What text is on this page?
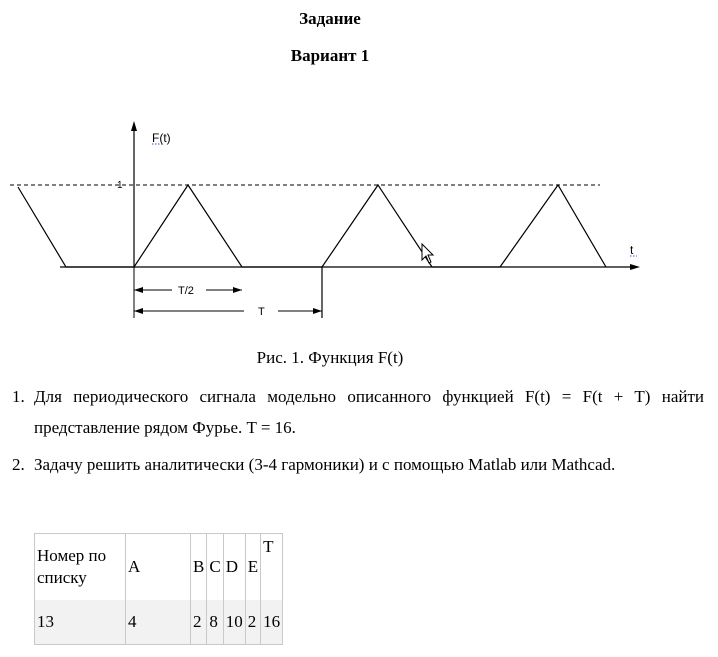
Задание
Вариант 1
F(t)
t
1
T/2
T
Рис. 1. Функция F(t)
1. Для периодического сигнала модельно описанного функцией F(t) = F(t + T) найти представление рядом Фурье. T = 16.
2. Задачу решить аналитически (3-4 гармоники) и с помощью Matlab или Mathcad.
Номер по списку	A	B	C	D	E	T
13	4	2	8	10	2	16
